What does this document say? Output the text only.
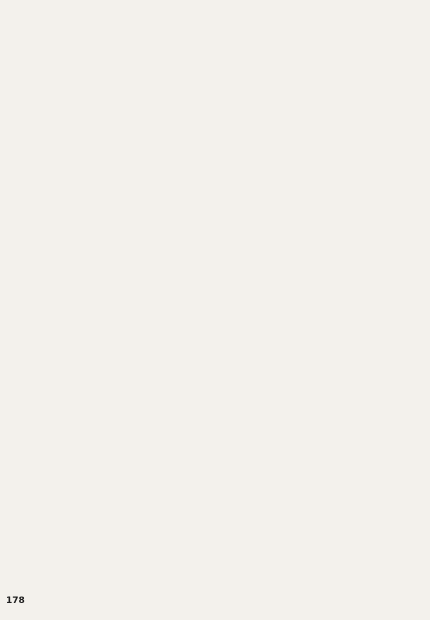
178
